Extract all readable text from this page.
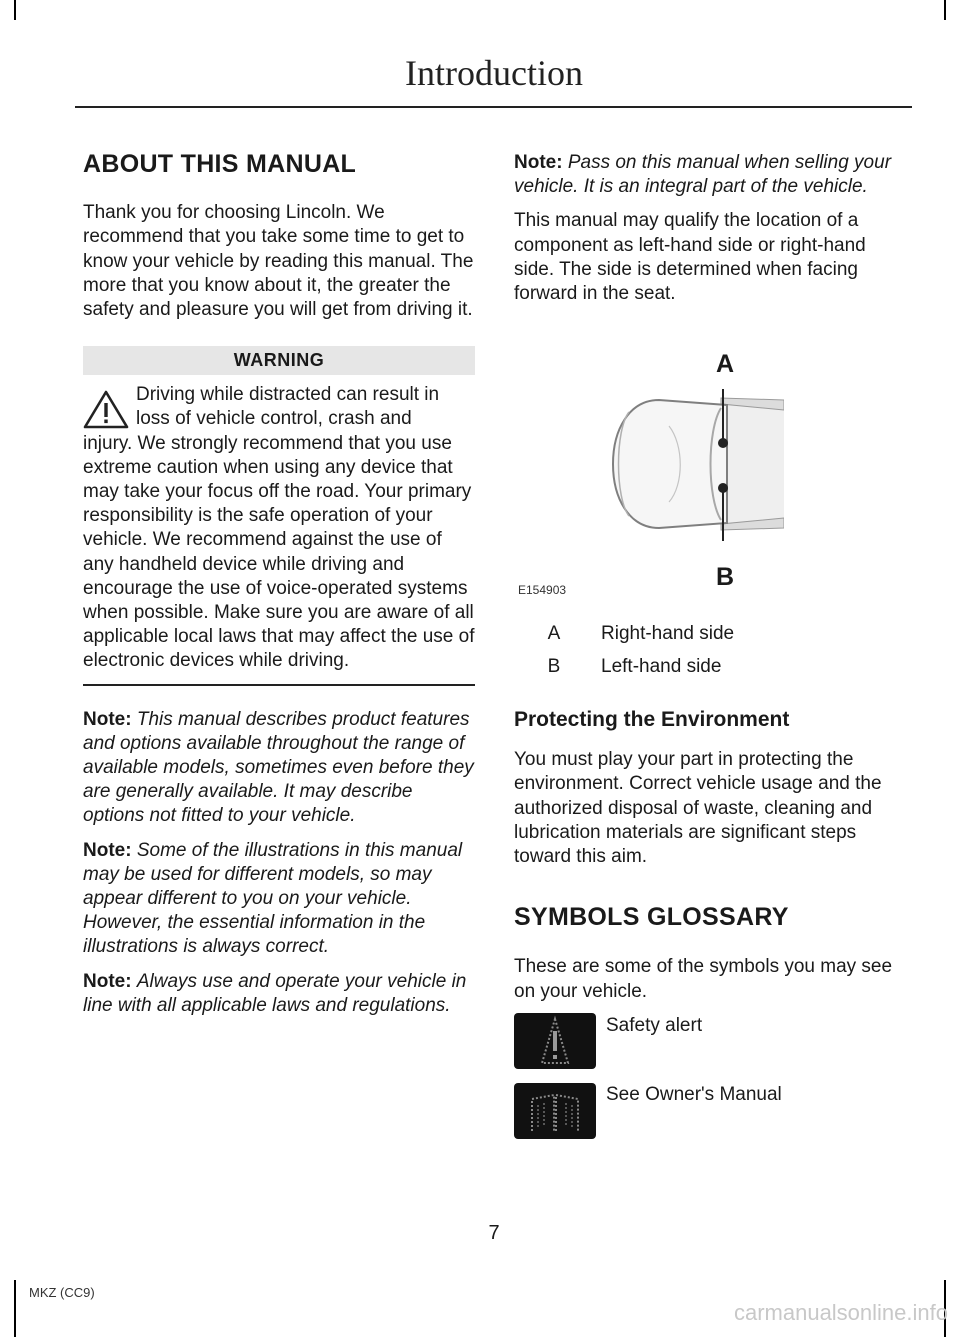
Introduction
ABOUT THIS MANUAL

Thank you for choosing Lincoln. We recommend that you take some time to get to know your vehicle by reading this manual. The more that you know about it, the greater the safety and pleasure you will get from driving it.

WARNING
Driving while distracted can result in
loss of vehicle control, crash and

injury. We strongly recommend that you use extreme caution when using any device that may take your focus off the road. Your primary responsibility is the safe operation of your vehicle. We recommend against the use of any handheld device while driving and encourage the use of voice-operated systems when possible. Make sure you are aware of all applicable local laws that may affect the use of electronic devices while driving.

Note: This manual describes product features and options available throughout the range of available models, sometimes even before they are generally available. It may describe options not fitted to your vehicle.

Note: Some of the illustrations in this manual may be used for different models, so may appear different to you on your vehicle. However, the essential information in the illustrations is always correct.

Note: Always use and operate your vehicle in line with all applicable laws and regulations.

Note: Pass on this manual when selling your vehicle. It is an integral part of the vehicle.

This manual may qualify the location of a component as left-hand side or right-hand side. The side is determined when facing forward in the seat.

A
B
E154903
A	Right-hand side
B	Left-hand side
Protecting the Environment

You must play your part in protecting the environment. Correct vehicle usage and the authorized disposal of waste, cleaning and lubrication materials are significant steps toward this aim.

SYMBOLS GLOSSARY

These are some of the symbols you may see on your vehicle.

Safety alert
See Owner's Manual
7
MKZ (CC9)
carmanualsonline.info
